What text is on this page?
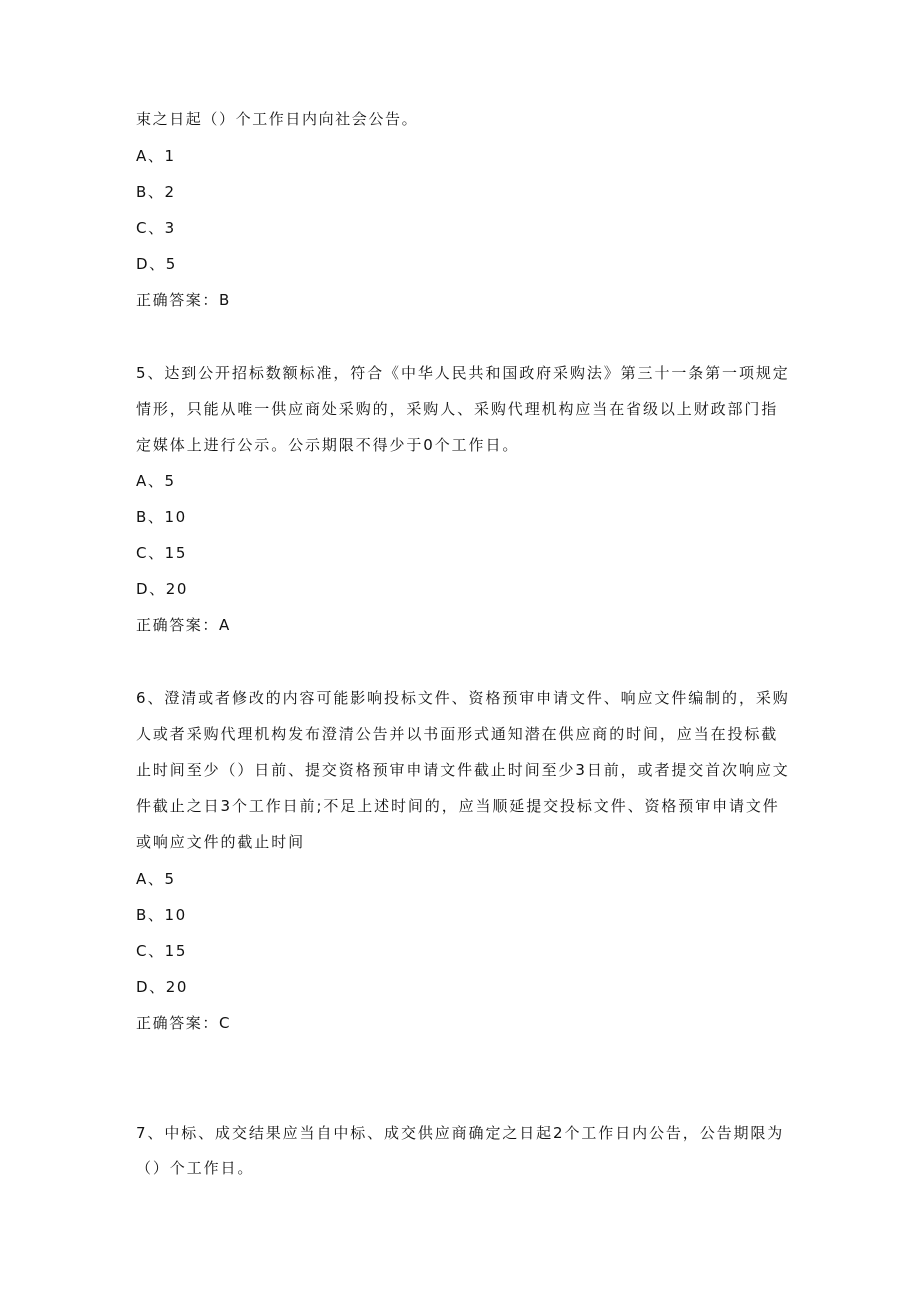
束之日起（）个工作日内向社会公告。
A、1
B、2
C、3
D、5
正确答案：B
5、达到公开招标数额标准，符合《中华人民共和国政府采购法》第三十一条第一项规定
情形，只能从唯一供应商处采购的，采购人、采购代理机构应当在省级以上财政部门指
定媒体上进行公示。公示期限不得少于0个工作日。
A、5
B、10
C、15
D、20
正确答案：A
6、澄清或者修改的内容可能影响投标文件、资格预审申请文件、响应文件编制的，采购
人或者采购代理机构发布澄清公告并以书面形式通知潜在供应商的时间，应当在投标截
止时间至少（）日前、提交资格预审申请文件截止时间至少3日前，或者提交首次响应文
件截止之日3个工作日前;不足上述时间的，应当顺延提交投标文件、资格预审申请文件
或响应文件的截止时间
A、5
B、10
C、15
D、20
正确答案：C
7、中标、成交结果应当自中标、成交供应商确定之日起2个工作日内公告，公告期限为
（）个工作日。
